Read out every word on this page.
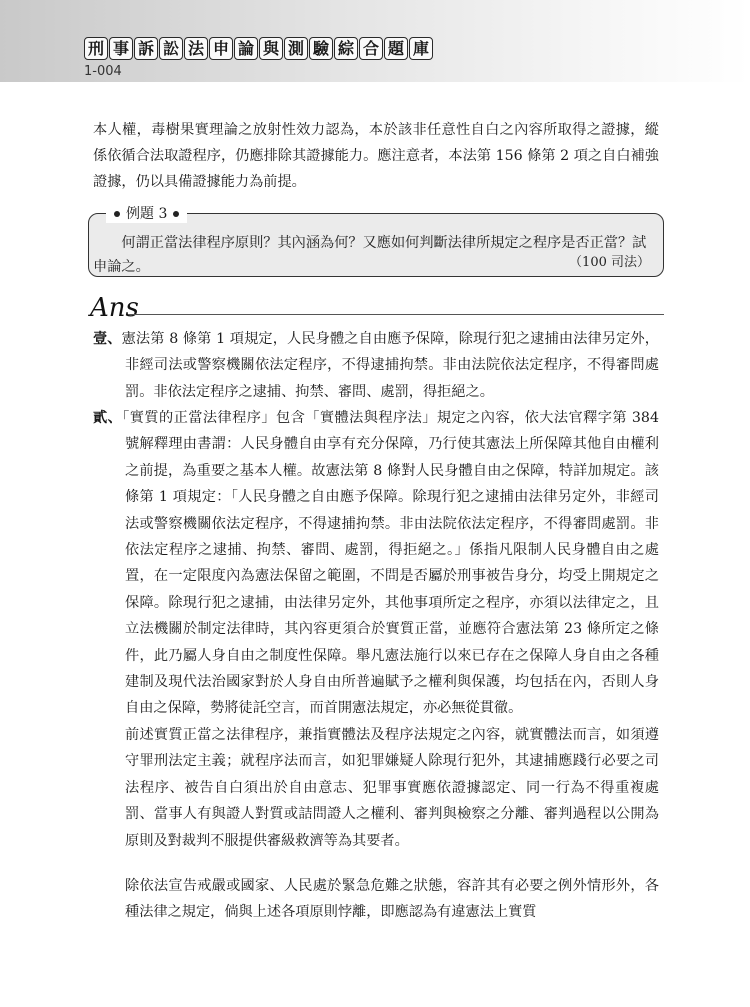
刑 事 訴 訟 法 申 論 與 測 驗 綜 合 題 庫
1-004

本人權，毒樹果實理論之放射性效力認為，本於該非任意性自白之內容所取得之證據，縱係依循合法取證程序，仍應排除其證據能力。應注意者，本法第 156 條第 2 項之自白補強證據，仍以具備證據能力為前提。

例題 3

何謂正當法律程序原則？其內涵為何？又應如何判斷法律所規定之程序是否正當？試申論之。	（100 司法）
Ans

壹、憲法第 8 條第 1 項規定，人民身體之自由應予保障，除現行犯之逮捕由法律另定外，非經司法或警察機關依法定程序，不得逮捕拘禁。非由法院依法定程序，不得審問處罰。非依法定程序之逮捕、拘禁、審問、處罰，得拒絕之。

貳、「實質的正當法律程序」包含「實體法與程序法」規定之內容，依大法官釋字第 384 號解釋理由書謂：人民身體自由享有充分保障，乃行使其憲法上所保障其他自由權利之前提，為重要之基本人權。故憲法第 8 條對人民身體自由之保障，特詳加規定。該條第 1 項規定：「人民身體之自由應予保障。除現行犯之逮捕由法律另定外，非經司法或警察機關依法定程序，不得逮捕拘禁。非由法院依法定程序，不得審問處罰。非依法定程序之逮捕、拘禁、審問、處罰，得拒絕之。」係指凡限制人民身體自由之處置，在一定限度內為憲法保留之範圍，不問是否屬於刑事被告身分，均受上開規定之保障。除現行犯之逮捕，由法律另定外，其他事項所定之程序，亦須以法律定之，且立法機關於制定法律時，其內容更須合於實質正當，並應符合憲法第 23 條所定之條件，此乃屬人身自由之制度性保障。舉凡憲法施行以來已存在之保障人身自由之各種建制及現代法治國家對於人身自由所普遍賦予之權利與保護，均包括在內，否則人身自由之保障，勢將徒託空言，而首開憲法規定，亦必無從貫徹。

前述實質正當之法律程序，兼指實體法及程序法規定之內容，就實體法而言，如須遵守罪刑法定主義；就程序法而言，如犯罪嫌疑人除現行犯外，其逮捕應踐行必要之司法程序、被告自白須出於自由意志、犯罪事實應依證據認定、同一行為不得重複處罰、當事人有與證人對質或詰問證人之權利、審判與檢察之分離、審判過程以公開為原則及對裁判不服提供審級救濟等為其要者。

除依法宣告戒嚴或國家、人民處於緊急危難之狀態，容許其有必要之例外情形外，各種法律之規定，倘與上述各項原則悖離，即應認為有違憲法上實質
